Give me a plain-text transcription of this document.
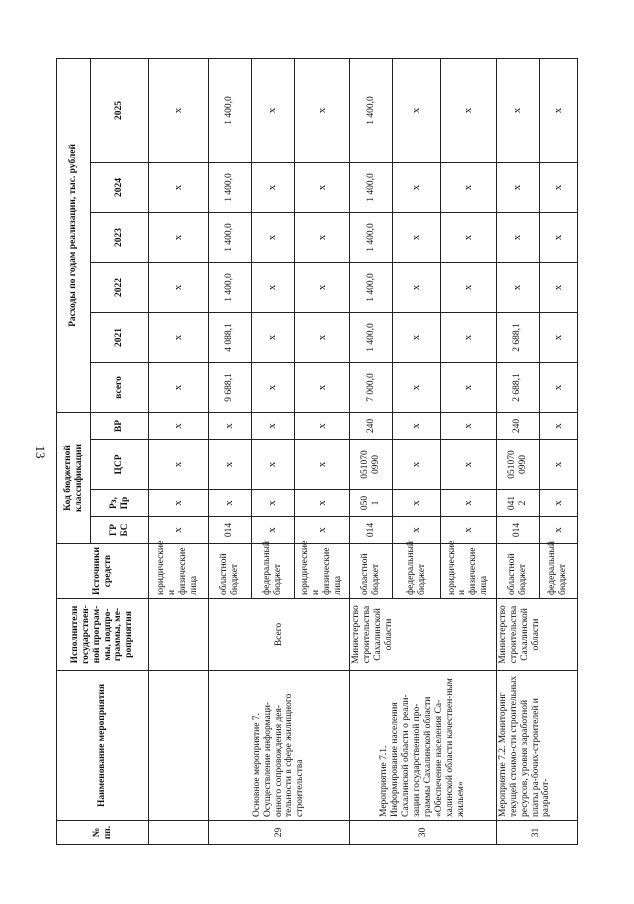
13
№ пп.	Наименование мероприятия	Исполнители государствен-ной програм-мы, подпро-граммы, ме-роприятия	Источники средств	Код бюджетной классификации				Расходы по годам реализации, тыс. рублей					
				ГР БС	Рз, Пр	ЦСР	ВР	всего	2021	2022	2023	2024	2025
			юридические и физические лица	х	х	х	х	х	х	х	х	х	х
29	Основное мероприятие 7. Осуществление информаци-онного сопровождения дея-тельности в сфере жилищного строительства	Всего	областной бюджет	014	х	х	х	9 688,1	4 088,1	1 400,0	1 400,0	1 400,0	1 400,0
			федеральный бюджет	х	х	х	х	х	х	х	х	х	х
			юридические и физические лица	х	х	х	х	х	х	х	х	х	х
30	Мероприятие 7.1. Информирование населения Сахалинской области о реали-зации государственной про-граммы Сахалинской области «Обеспечение населения Са-халинской области качествен-ным жильем»	Министерство строительства Сахалинской области	областной бюджет	014	050 1	051070 0990	240	7 000,0	1 400,0	1 400,0	1 400,0	1 400,0	1 400,0
			федеральный бюджет	х	х	х	х	х	х	х	х	х	х
			юридические и физические лица	х	х	х	х	х	х	х	х	х	х
31	Мероприятие 7.2. Мониторинг текущей стоимо-сти строительных ресурсов, уровня заработной платы ра-бочих-строителей и разработ-	Министерство строительства Сахалинской области	областной бюджет	014	041 2	051070 0990	240	2 688,1	2 688,1	х	х	х	х
			федеральный бюджет	х	х	х	х	х	х	х	х	х	х
